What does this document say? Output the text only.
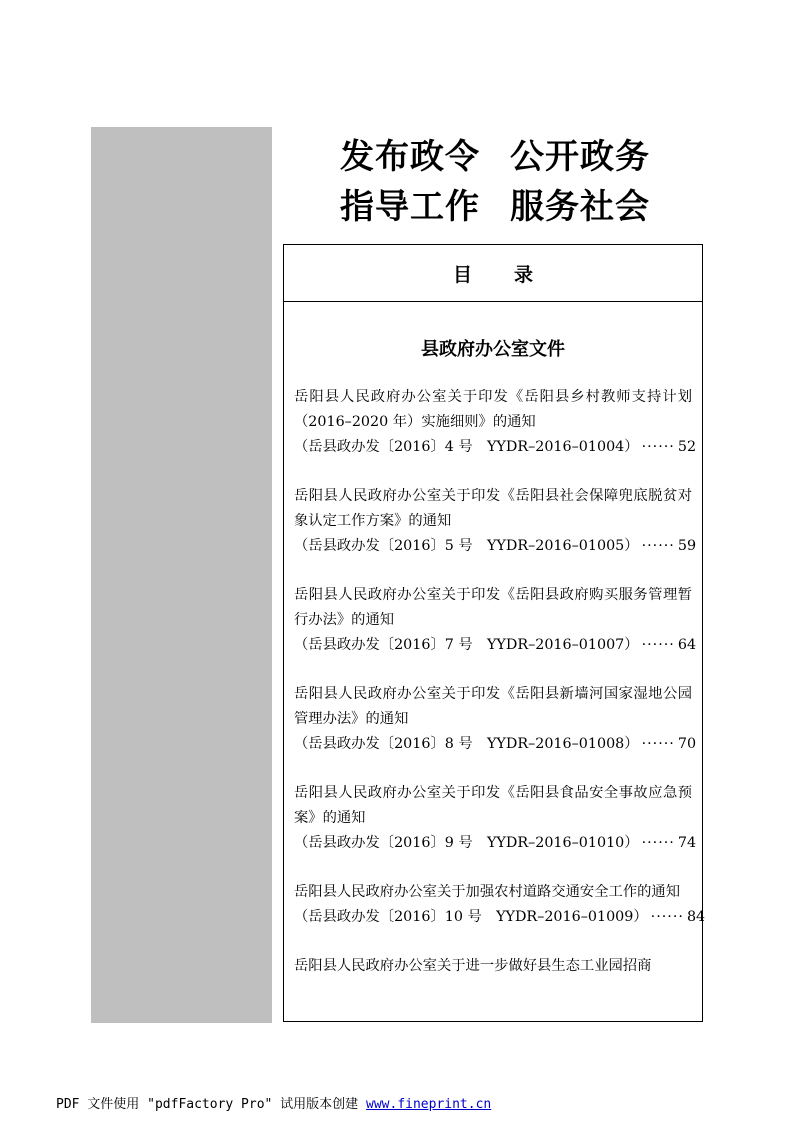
发布政令 公开政务
指导工作 服务社会
目 录
县政府办公室文件
岳阳县人民政府办公室关于印发《岳阳县乡村教师支持计划（2016–2020 年）实施细则》的通知
（岳县政办发〔2016〕4 号　YYDR–2016–01004） ······ 52
岳阳县人民政府办公室关于印发《岳阳县社会保障兜底脱贫对象认定工作方案》的通知
（岳县政办发〔2016〕5 号　YYDR–2016–01005） ······ 59
岳阳县人民政府办公室关于印发《岳阳县政府购买服务管理暂行办法》的通知
（岳县政办发〔2016〕7 号　YYDR–2016–01007） ······ 64
岳阳县人民政府办公室关于印发《岳阳县新墙河国家湿地公园管理办法》的通知
（岳县政办发〔2016〕8 号　YYDR–2016–01008） ······ 70
岳阳县人民政府办公室关于印发《岳阳县食品安全事故应急预案》的通知
（岳县政办发〔2016〕9 号　YYDR–2016–01010） ······ 74
岳阳县人民政府办公室关于加强农村道路交通安全工作的通知
（岳县政办发〔2016〕10 号　YYDR–2016–01009） ······ 84
岳阳县人民政府办公室关于进一步做好县生态工业园招商
PDF 文件使用 "pdfFactory Pro" 试用版本创建 www.fineprint.cn
